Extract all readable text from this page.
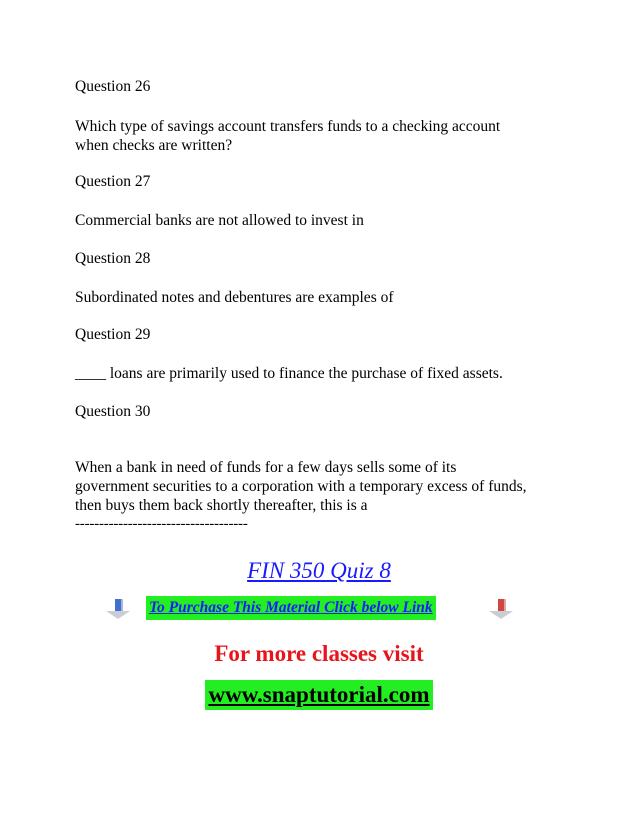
Question 26

Which type of savings account transfers funds to a checking account

when checks are written?

Question 27

Commercial banks are not allowed to invest in

Question 28

Subordinated notes and debentures are examples of

Question 29

____ loans are primarily used to finance the purchase of fixed assets.

Question 30

When a bank in need of funds for a few days sells some of its

government securities to a corporation with a temporary excess of funds,

then buys them back shortly thereafter, this is a

------------------------------------

FIN 350 Quiz 8

To Purchase This Material Click below Link

For more classes visit

www.snaptutorial.com
